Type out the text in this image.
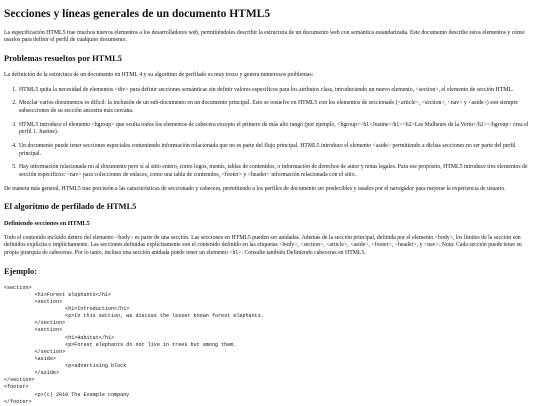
Secciones y líneas generales de un documento HTML5

La especificación HTML5 trae muchos nuevos elementos a los desarrolladores web, permitiéndoles describir la estructura de un documento web con semántica estandarizada. Este documento describe estos elementos y cómo usarlos para definir el perfil de cualquier documento.

Problemas resueltos por HTML5

La definición de la estructura de un documento en HTML 4 y su algoritmo de perfilado es muy tosco y genera numerosos problemas:

1. HTML5 quita la necesidad de elementos <div> para definir secciones semánticas sin definir valores específicos para los atributos class, introduciendo un nuevo elemento, <section>, el elemento de sección HTML.
2. Mezclar varios documentos es difícil: la inclusión de un sub-documento en un documento principal. Esto se resuelve en HTML5 con los elementos de seccionado (<article>, <section>, <nav> y <aside>) son siempre subsecciones de su sección ancestra más cercana.
3. HTML5 introduce el elemento <hgroup> que oculta todos los elementos de cabecera excepto el primero de más alto rango (por ejemplo, <hgroup><h1>Justine</h1><h2>Les Malheurs de la Vertu</h2></hgroup> crea el perfil 1. Justine).
4. Un documento puede tener secciones especiales conteniendo información relacionada que no es parte del flujo principal. HTML5 introduce el elemento <aside> permitiendo a dichas secciones no ser parte del perfil principal.
5. Hay información relacionada no al documento pero sí al sitio entero, como logos, menús, tablas de contenidos, o información de derechos de autor y notas legales. Para ese propósito, HTML5 introduce tres elementos de sección específicos: <nav> para colecciones de enlaces, como una tabla de contenidos, <footer> y <header> información relacionada con el sitio.

De manera más general, HTML5 trae precisión a las características de seccionado y cabecera, permitiendo a los perfiles de documento ser predecibles y usados por el navegador para mejorar la experiencia de usuario.

El algoritmo de perfilado de HTML5
Definiendo secciones en HTML5

Todo el contenido incluido dentro del elemento <body> es parte de una sección. Las secciones en HTML5 pueden ser anidadas. Además de la sección principal, definida por el elemento <body>, los límites de la sección son definidos explícita o implícitamente. Las secciones definidas explícitamente son el contenido definido en las etiquetas <body>, <section>, <article>, <aside>, <footer>, <header>, y <nav>. Nota: Cada sección puede tener su propia jerarquía de cabeceras. Por lo tanto, incluso una sección anidada puede tener un elemento <h1>. Consulte también Definiendo cabeceras en HTML5.

Ejemplo:
<section>
<h1>Forest elephants</h1>
<section>
<h1>Introduction</h1>
<p>In this section, we discuss the lesser known forest elephants.
</section>
<section>
<h1>Habitat</h1>
<p>Forest elephants do not live in trees but among them.
</section>
<aside>
<p>advertising block
</aside>
</section>
<footer>
<p>(c) 2010 The Example company
</footer>
